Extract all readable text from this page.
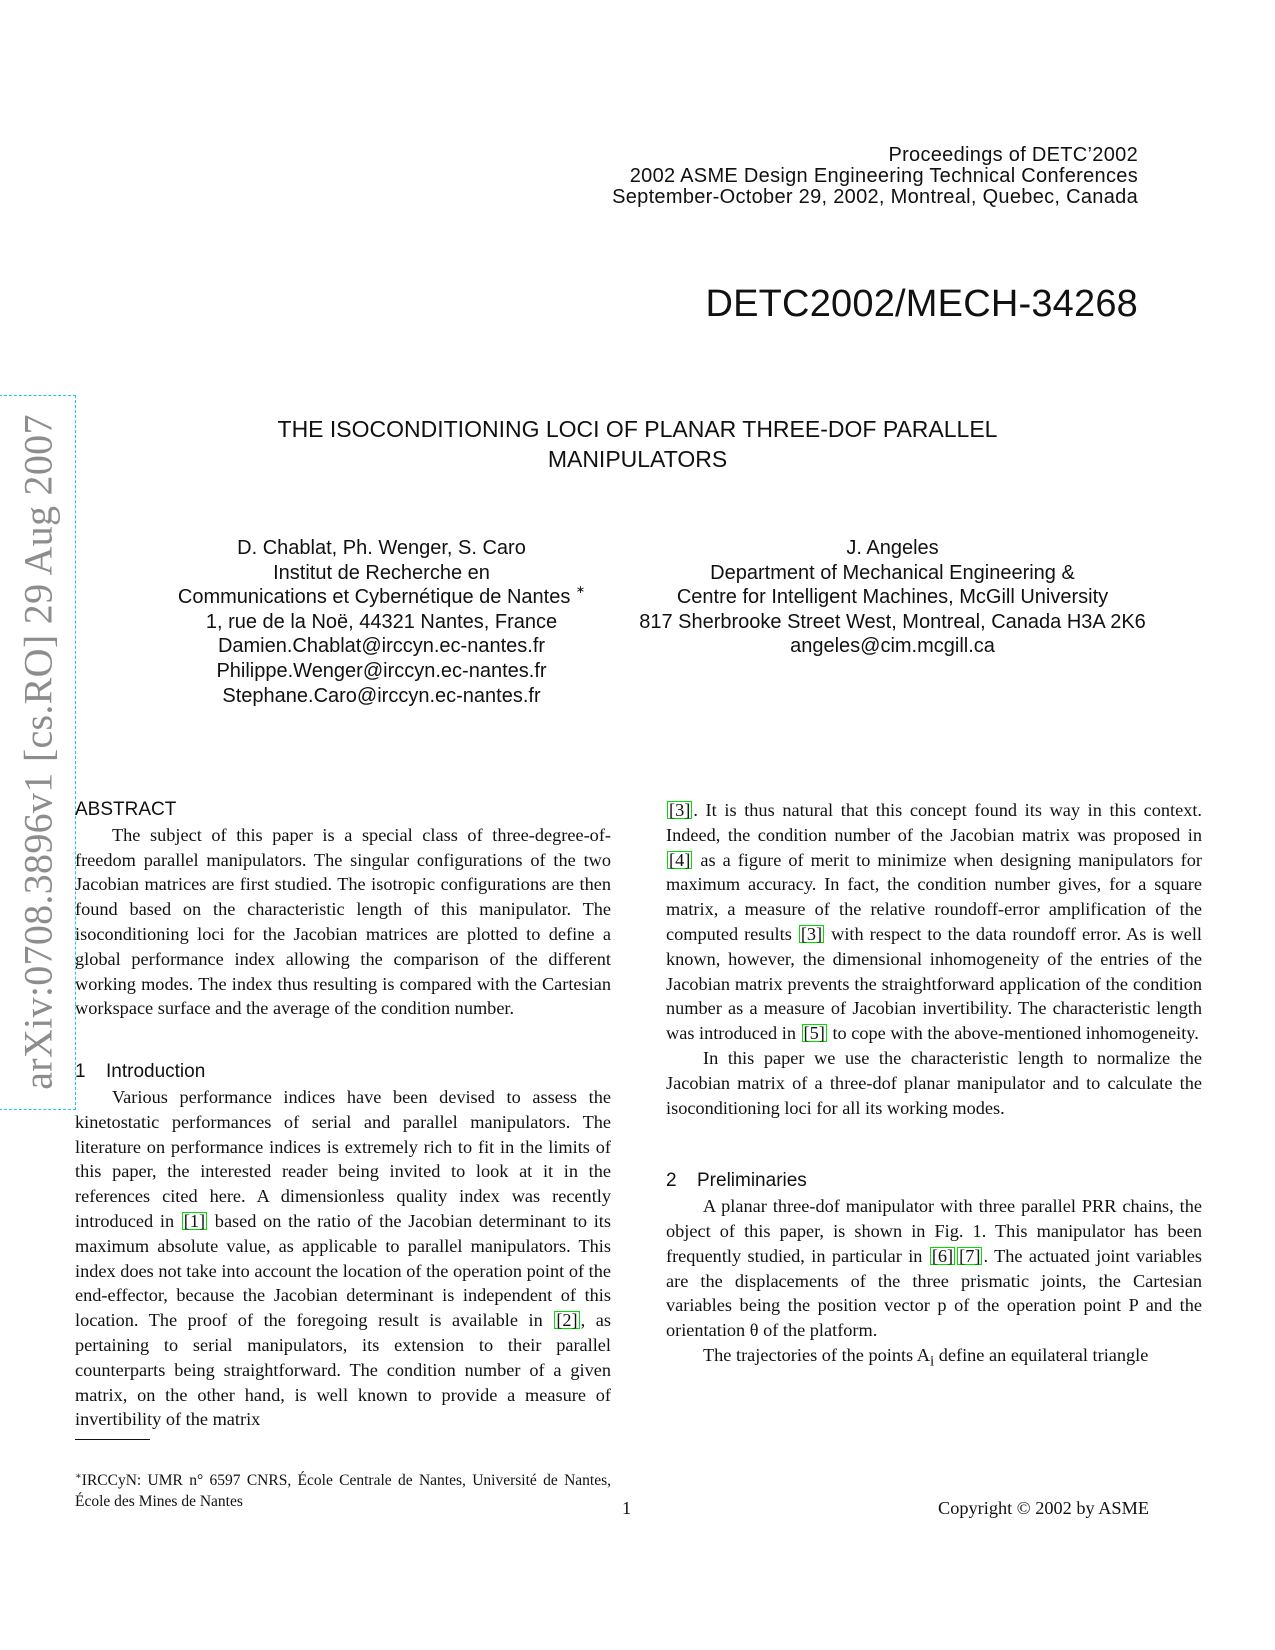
Proceedings of DETC’2002
2002 ASME Design Engineering Technical Conferences
September-October 29, 2002, Montreal, Quebec, Canada
DETC2002/MECH-34268
THE ISOCONDITIONING LOCI OF PLANAR THREE-DOF PARALLEL
MANIPULATORS
D. Chablat, Ph. Wenger, S. Caro
Institut de Recherche en
Communications et Cybernétique de Nantes ∗
1, rue de la Noë, 44321 Nantes, France
Damien.Chablat@irccyn.ec-nantes.fr
Philippe.Wenger@irccyn.ec-nantes.fr
Stephane.Caro@irccyn.ec-nantes.fr
J. Angeles
Department of Mechanical Engineering &
Centre for Intelligent Machines, McGill University
817 Sherbrooke Street West, Montreal, Canada H3A 2K6
angeles@cim.mcgill.ca
arXiv:0708.3896v1 [cs.RO] 29 Aug 2007 ABSTRACT

The subject of this paper is a special class of three-degree-of-freedom parallel manipulators. The singular configurations of the two Jacobian matrices are first studied. The isotropic configurations are then found based on the characteristic length of this manipulator. The isoconditioning loci for the Jacobian matrices are plotted to define a global performance index allowing the comparison of the different working modes. The index thus resulting is compared with the Cartesian workspace surface and the average of the condition number.

1 Introduction

Various performance indices have been devised to assess the kinetostatic performances of serial and parallel manipulators. The literature on performance indices is extremely rich to fit in the limits of this paper, the interested reader being invited to look at it in the references cited here. A dimensionless quality index was recently introduced in [1] based on the ratio of the Jacobian determinant to its maximum absolute value, as applicable to parallel manipulators. This index does not take into account the location of the operation point of the end-effector, because the Jacobian determinant is independent of this location. The proof of the foregoing result is available in [2] , as pertaining to serial manipulators, its extension to their parallel counterparts being straightforward. The condition number of a given matrix, on the other hand, is well known to provide a measure of invertibility of the matrix

[3] . It is thus natural that this concept found its way in this context. Indeed, the condition number of the Jacobian matrix was proposed in [4] as a figure of merit to minimize when designing manipulators for maximum accuracy. In fact, the condition number gives, for a square matrix, a measure of the relative roundoff-error amplification of the computed results [3] with respect to the data roundoff error. As is well known, however, the dimensional inhomogeneity of the entries of the Jacobian matrix prevents the straightforward application of the condition number as a measure of Jacobian invertibility. The characteristic length was introduced in [5] to cope with the above-mentioned inhomogeneity.

In this paper we use the characteristic length to normalize the Jacobian matrix of a three-dof planar manipulator and to calculate the isoconditioning loci for all its working modes.

2 Preliminaries

A planar three-dof manipulator with three parallel PRR chains, the object of this paper, is shown in Fig. 1. This manipulator has been frequently studied, in particular in [6] [7] . The actuated joint variables are the displacements of the three prismatic joints, the Cartesian variables being the position vector p of the operation point P and the orientation θ of the platform.

The trajectories of the points $A_i$ define an equilateral triangle

∗IRCCyN: UMR n° 6597 CNRS, École Centrale de Nantes, Université de Nantes, École des Mines de Nantes	1	Copyright © 2002 by ASME
